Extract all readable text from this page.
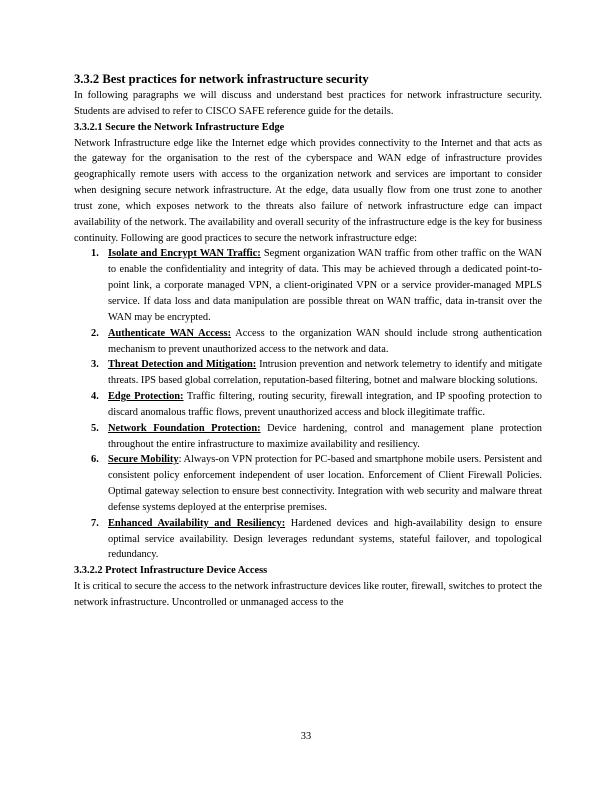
3.3.2 Best practices for network infrastructure security

In following paragraphs we will discuss and understand best practices for network infrastructure security. Students are advised to refer to CISCO SAFE reference guide for the details.

3.3.2.1 Secure the Network Infrastructure Edge

Network Infrastructure edge like the Internet edge which provides connectivity to the Internet and that acts as the gateway for the organisation to the rest of the cyberspace and WAN edge of infrastructure provides geographically remote users with access to the organization network and services are important to consider when designing secure network infrastructure. At the edge, data usually flow from one trust zone to another trust zone, which exposes network to the threats also failure of network infrastructure edge can impact availability of the network. The availability and overall security of the infrastructure edge is the key for business continuity. Following are good practices to secure the network infrastructure edge:

1. Isolate and Encrypt WAN Traffic: Segment organization WAN traffic from other traffic on the WAN to enable the confidentiality and integrity of data. This may be achieved through a dedicated point-to-point link, a corporate managed VPN, a client-originated VPN or a service provider-managed MPLS service. If data loss and data manipulation are possible threat on WAN traffic, data in-transit over the WAN may be encrypted.
2. Authenticate WAN Access: Access to the organization WAN should include strong authentication mechanism to prevent unauthorized access to the network and data.
3. Threat Detection and Mitigation: Intrusion prevention and network telemetry to identify and mitigate threats. IPS based global correlation, reputation-based filtering, botnet and malware blocking solutions.
4. Edge Protection: Traffic filtering, routing security, firewall integration, and IP spoofing protection to discard anomalous traffic flows, prevent unauthorized access and block illegitimate traffic.
5. Network Foundation Protection: Device hardening, control and management plane protection throughout the entire infrastructure to maximize availability and resiliency.
6. Secure Mobility: Always-on VPN protection for PC-based and smartphone mobile users. Persistent and consistent policy enforcement independent of user location. Enforcement of Client Firewall Policies. Optimal gateway selection to ensure best connectivity. Integration with web security and malware threat defense systems deployed at the enterprise premises.
7. Enhanced Availability and Resiliency: Hardened devices and high-availability design to ensure optimal service availability. Design leverages redundant systems, stateful failover, and topological redundancy.
3.3.2.2 Protect Infrastructure Device Access

It is critical to secure the access to the network infrastructure devices like router, firewall, switches to protect the network infrastructure. Uncontrolled or unmanaged access to the

33
